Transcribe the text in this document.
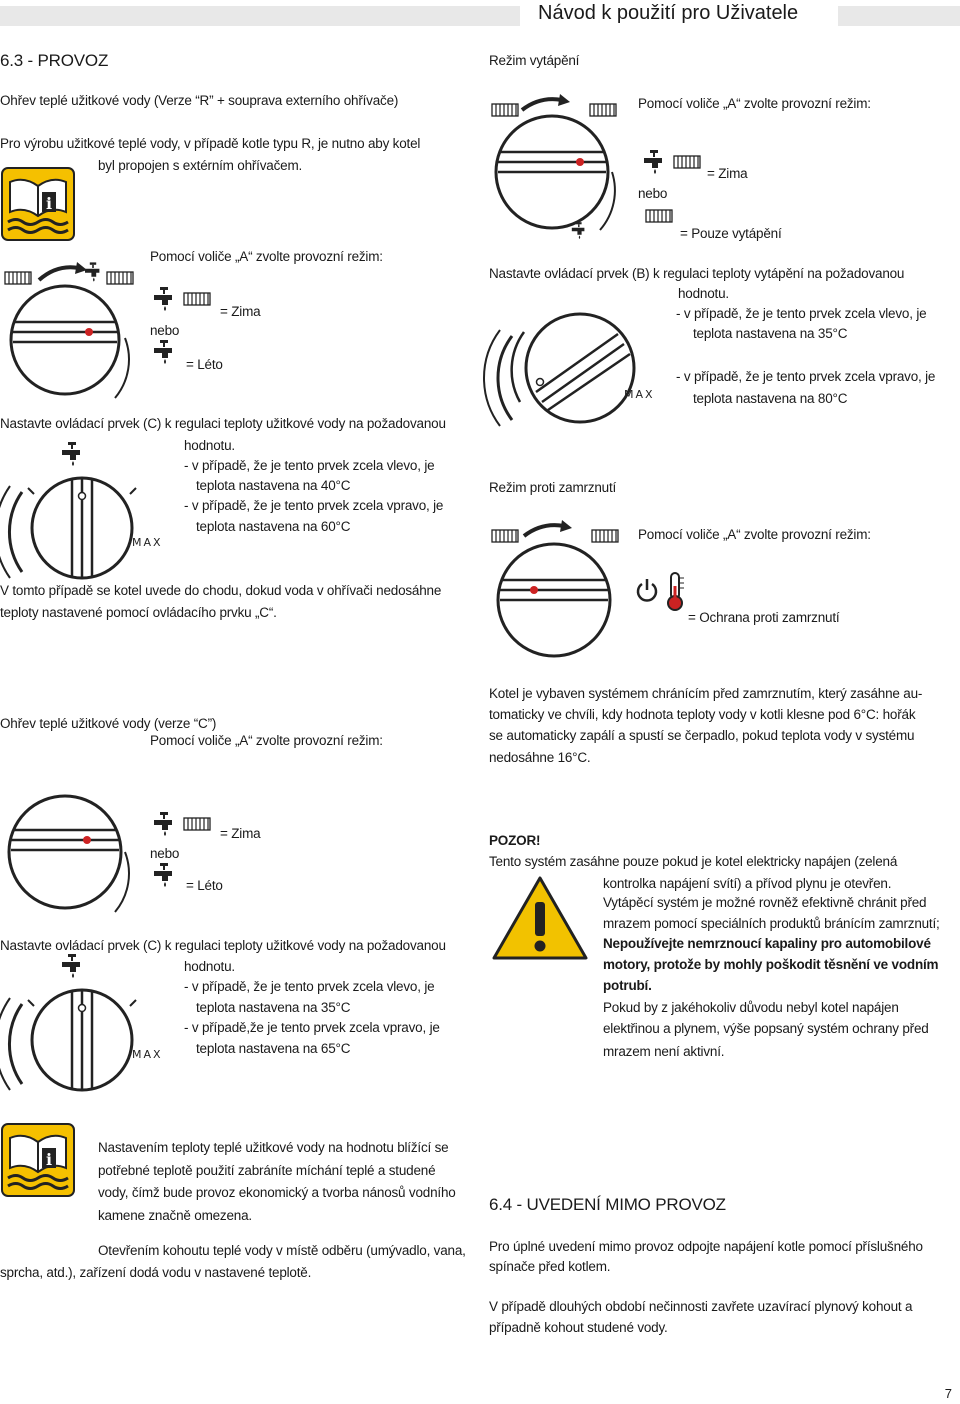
i
Návod k použití pro Uživatele
6.3 - PROVOZ
Ohřev teplé užitkové vody (Verze “R” + souprava externího ohřívače)
Pro výrobu užitkové teplé vody, v případě kotle typu R, je nutno aby kotel
byl propojen s extérním ohřívačem.
Pomocí voliče „A“ zvolte provozní režim:
= Zima
nebo
= Léto
Nastavte ovládací prvek (C) k regulaci teploty užitkové vody na požadovanou
hodnotu.
MAX
- v případě, že je tento prvek zcela vlevo, je
teplota nastavena na 40°C
- v případě, že je tento prvek zcela vpravo, je
teplota nastavena na 60°C
V tomto případě se kotel uvede do chodu, dokud voda v ohřívači nedosáhne
teploty nastavené pomocí ovládacího prvku „C“.
Ohřev teplé užitkové vody (verze “C”)
Pomocí voliče „A“ zvolte provozní režim:
= Zima
nebo
= Léto
Nastavte ovládací prvek (C) k regulaci teploty užitkové vody na požadovanou
hodnotu.
MAX
- v případě, že je tento prvek zcela vlevo, je
teplota nastavena na 35°C
- v případě,že je tento prvek zcela vpravo, je
teplota nastavena na 65°C
Nastavením teploty teplé užitkové vody na hodnotu blížící se
potřebné teplotě použití zabráníte míchání teplé a studené
vody, čímž bude provoz ekonomický a tvorba nánosů vodního
kamene značně omezena.
Otevřením kohoutu teplé vody v místě odběru (umývadlo, vana,
sprcha, atd.), zařízení dodá vodu v nastavené teplotě.
Režim vytápění
Pomocí voliče „A“ zvolte provozní režim:
= Zima
nebo
= Pouze vytápění
Nastavte ovládací prvek (B) k regulaci teploty vytápění na požadovanou
hodnotu.
MAX
- v případě, že je tento prvek zcela vlevo, je
teplota nastavena na 35°C
- v případě, že je tento prvek zcela vpravo, je
teplota nastavena na 80°C
Režim proti zamrznutí
Pomocí voliče „A“ zvolte provozní režim:
= Ochrana proti zamrznutí
Kotel je vybaven systémem chránícím před zamrznutím, který zasáhne au-
tomaticky ve chvíli, kdy hodnota teploty vody v kotli klesne pod 6°C: hořák
se automaticky zapálí a spustí se čerpadlo, pokud teplota vody v systému
nedosáhne 16°C.
POZOR!
Tento systém zasáhne pouze pokud je kotel elektricky napájen (zelená
kontrolka napájení svítí) a přívod plynu je otevřen.
Vytápěcí systém je možné rovněž efektivně chránit před
mrazem pomocí speciálních produktů bránícím zamrznutí;
Nepoužívejte nemrznoucí kapaliny pro automobilové
motory, protože by mohly poškodit těsnění ve vodním
potrubí.
Pokud by z jakéhokoliv důvodu nebyl kotel napájen
elektřinou a plynem, výše popsaný systém ochrany před
mrazem není aktivní.
6.4 - UVEDENÍ MIMO PROVOZ
Pro úplné uvedení mimo provoz odpojte napájení kotle pomocí příslušného
spínače před kotlem.
V případě dlouhých období nečinnosti zavřete uzavírací plynový kohout a
případně kohout studené vody.
7
